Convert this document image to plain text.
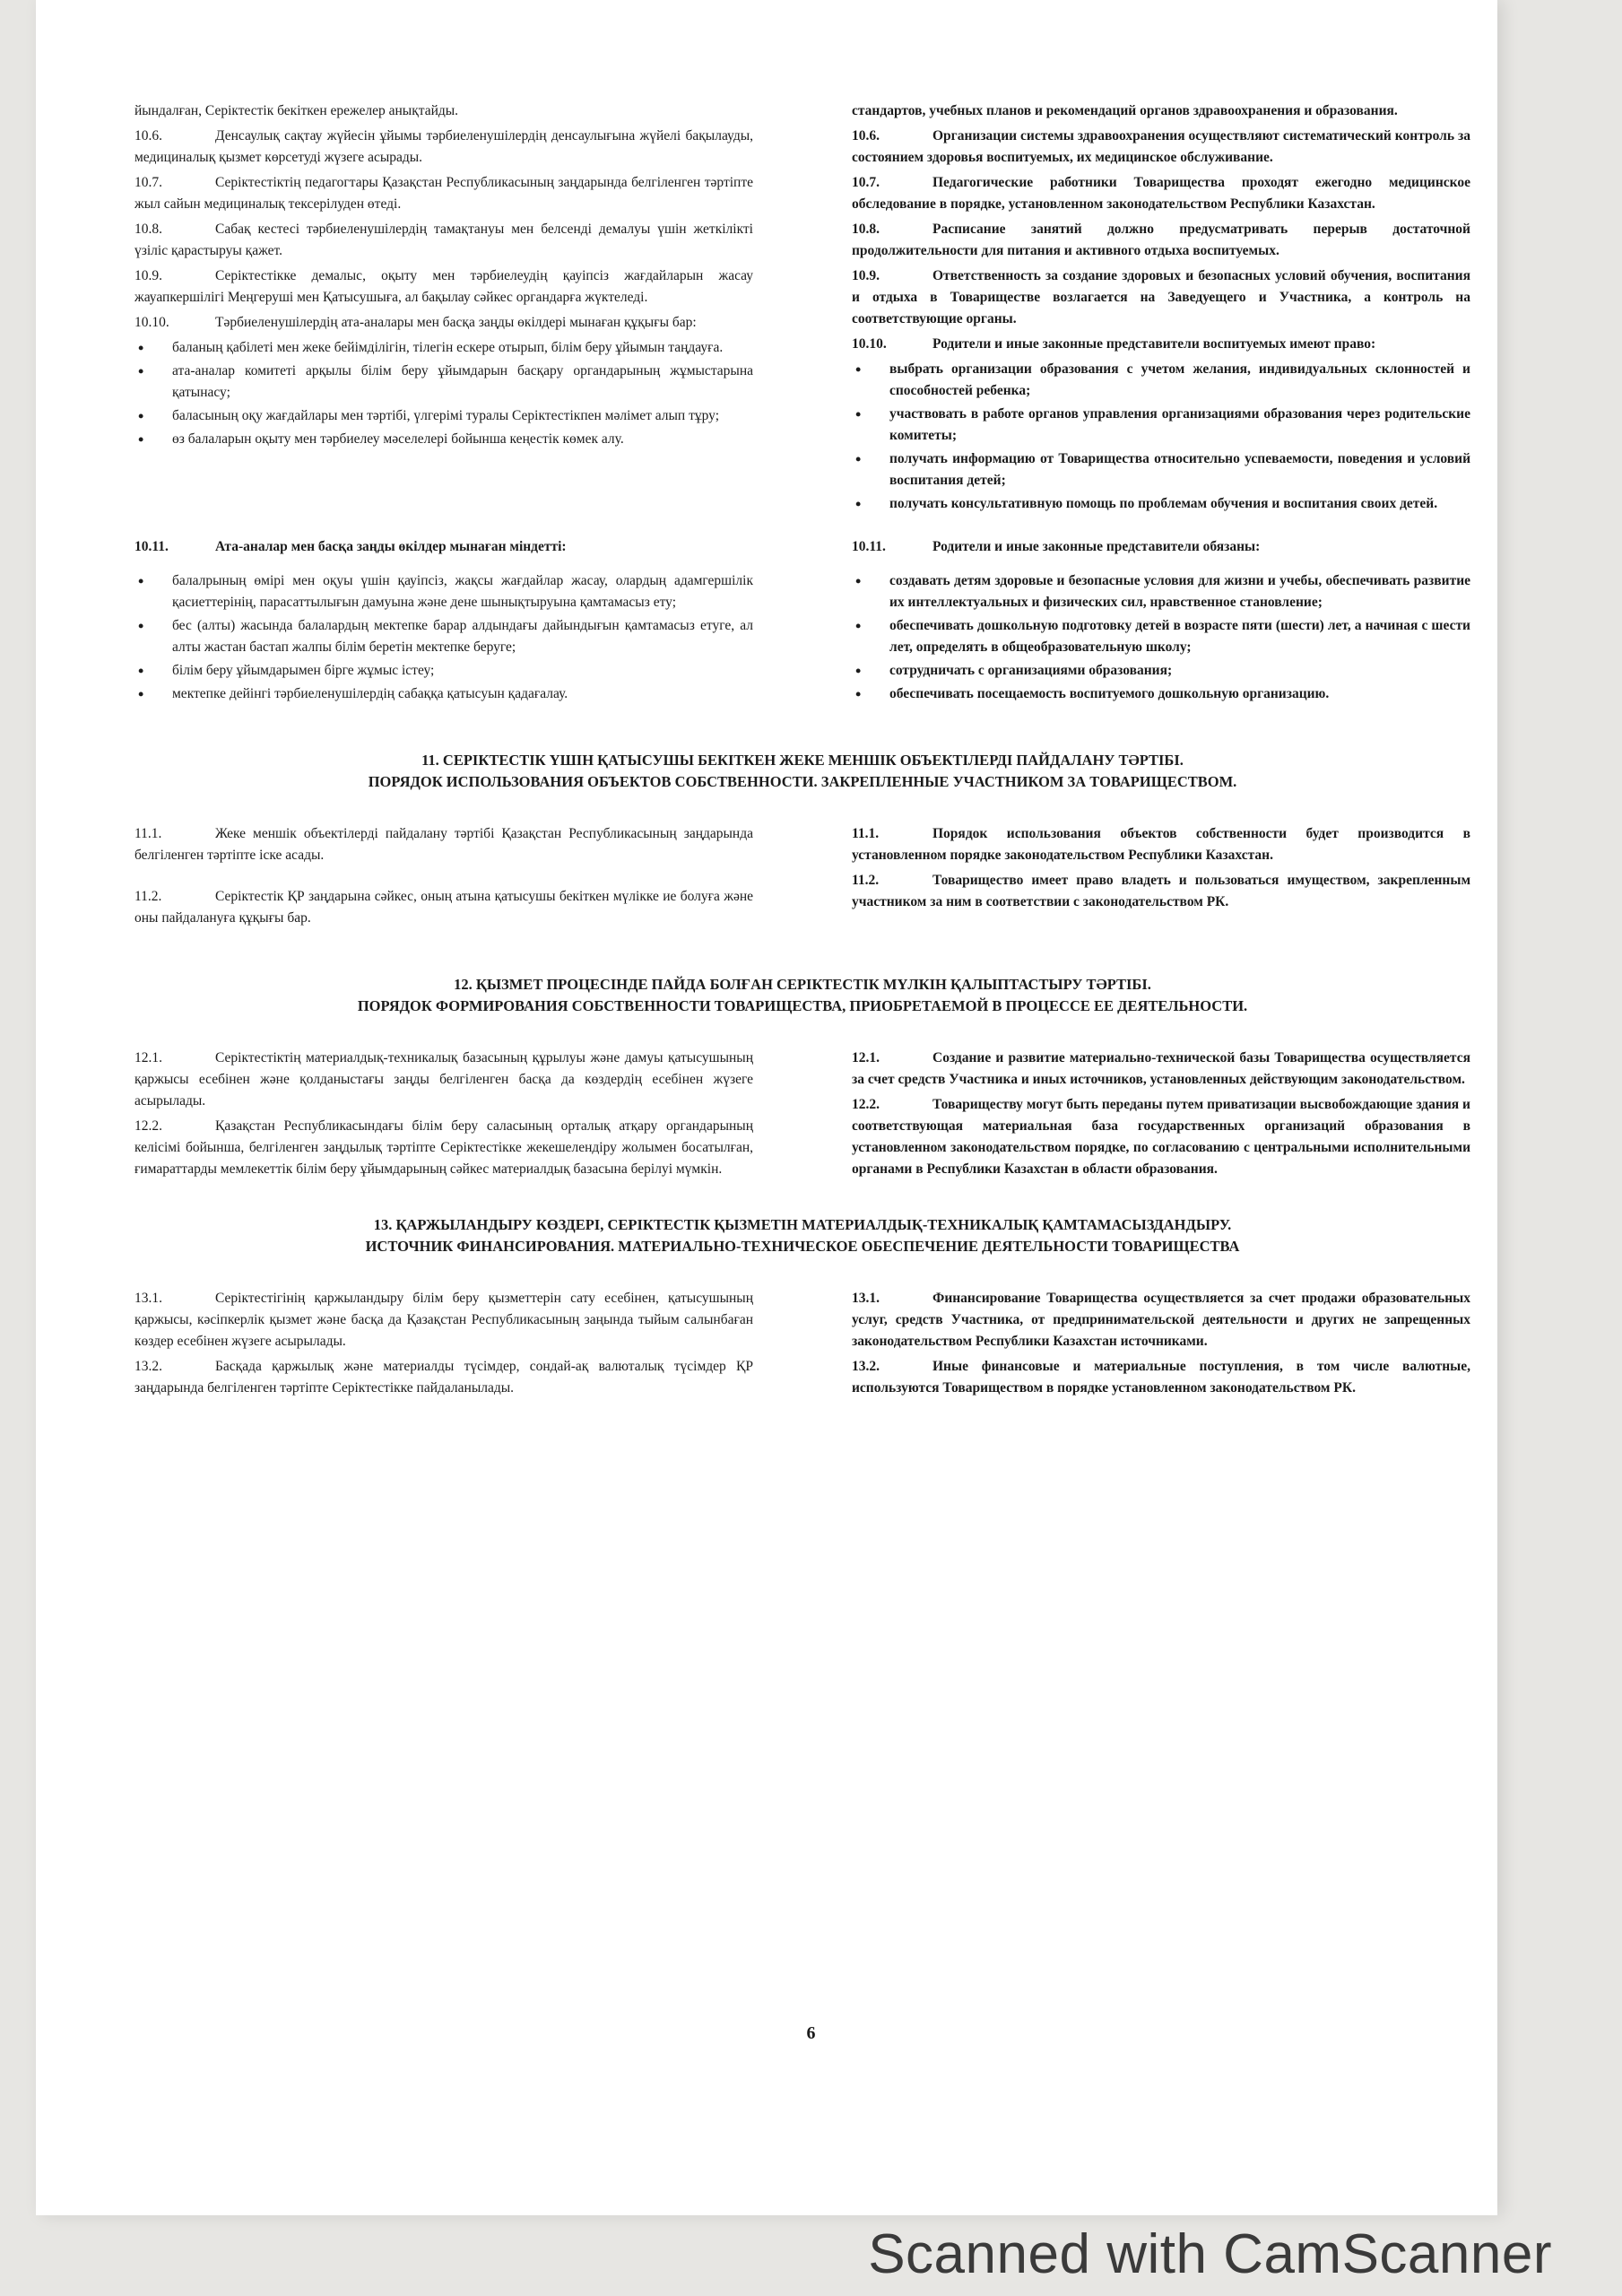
йындалған, Серіктестік бекіткен ережелер анықтайды.

10.6.	Денсаулық сақтау жүйесін ұйымы тәрбиеленушілердің денсаулығына жүйелі бақылауды, медициналық қызмет көрсетуді жүзеге асырады.

10.7.	Серіктестіктің педагогтары Қазақстан Республикасының заңдарында белгіленген тәртіпте жыл сайын медициналық тексерілуден өтеді.

10.8.	Сабақ кестесі тәрбиеленушілердің тамақтануы мен белсенді демалуы үшін жеткілікті үзіліс қарастыруы қажет.

10.9.	Серіктестікке демалыс, оқыту мен тәрбиелеудің қауіпсіз жағдайларын жасау жауапкершілігі Меңгеруші мен Қатысушыға, ал бақылау сәйкес органдарға жүктеледі.

10.10.	Тәрбиеленушілердің ата-аналары мен басқа заңды өкілдері мынаған құқығы бар:

• баланың қабілеті мен жеке бейімділігін, тілегін ескере отырып, білім беру ұйымын таңдауға.
• ата-аналар комитеті арқылы білім беру ұйымдарын басқару органдарының жұмыстарына қатынасу;
• баласының оқу жағдайлары мен тәртібі, үлгерімі туралы Серіктестікпен мәлімет алып тұру;
• өз балаларын оқыту мен тәрбиелеу мәселелері бойынша кеңестік көмек алу.

стандартов, учебных планов и рекомендаций органов здравоохранения и образования.

10.6.	Организации системы здравоохранения осуществляют систематический контроль за состоянием здоровья воспитуемых, их медицинское обслуживание.

10.7.	Педагогические работники Товарищества проходят ежегодно медицинское обследование в порядке, установленном законодательством Республики Казахстан.

10.8.	Расписание занятий должно предусматривать перерыв достаточной продолжительности для питания и активного отдыха воспитуемых.

10.9.	Ответственность за создание здоровых и безопасных условий обучения, воспитания и отдыха в Товариществе возлагается на Заведуещего и Участника, а контроль на соответствующие органы.

10.10.	Родители и иные законные представители воспитуемых имеют право:

• выбрать организации образования с учетом желания, индивидуальных склонностей и способностей ребенка;
• участвовать в работе органов управления организациями образования через родительские комитеты;
• получать информацию от Товарищества относительно успеваемости, поведения и условий воспитания детей;
• получать консультативную помощь по проблемам обучения и воспитания своих детей.

10.11.	Ата-аналар мен басқа заңды өкілдер мынаған міндетті:

• балалрының өмірі мен оқуы үшін қауіпсіз, жақсы жағдайлар жасау, олардың адамгершілік қасиеттерінің, парасаттылығын дамуына және дене шынықтыруына қамтамасыз ету;
• бес (алты) жасында балалардың мектепке барар алдындағы дайындығын қамтамасыз етуге, ал алты жастан бастап жалпы білім беретін мектепке беруге;
• білім беру ұйымдарымен бірге жұмыс істеу;
• мектепке дейінгі тәрбиеленушілердің сабаққа қатысуын қадағалау.

10.11.	Родители и иные законные представители обязаны:

• создавать детям здоровые и безопасные условия для жизни и учебы, обеспечивать развитие их интеллектуальных и физических сил, нравственное становление;
• обеспечивать дошкольную подготовку детей в возрасте пяти (шести) лет, а начиная с шести лет, определять в общеобразовательную школу;
• сотрудничать с организациями образования;
• обеспечивать посещаемость воспитуемого дошкольную организацию.

11. СЕРІКТЕСТІК ҮШІН ҚАТЫСУШЫ БЕКІТКЕН ЖЕКЕ МЕНШІК ОБЪЕКТІЛЕРДІ ПАЙДАЛАНУ ТӘРТІБІ.

ПОРЯДОК ИСПОЛЬЗОВАНИЯ ОБЪЕКТОВ СОБСТВЕННОСТИ. ЗАКРЕПЛЕННЫЕ УЧАСТНИКОМ ЗА ТОВАРИЩЕСТВОМ.

11.1.	Жеке меншік объектілерді пайдалану тәртібі Қазақстан Республикасының заңдарында белгіленген тәртіпте іске асады.

11.2.	Серіктестік ҚР заңдарына сәйкес, оның атына қатысушы бекіткен мүлікке ие болуға және оны пайдалануға құқығы бар.

11.1.	Порядок использования объектов собственности будет производится в установленном порядке законодательством Республики Казахстан.

11.2.	Товарищество имеет право владеть и пользоваться имуществом, закрепленным участником за ним в соответствии с законодательством РК.

12. ҚЫЗМЕТ ПРОЦЕСІНДЕ ПАЙДА БОЛҒАН СЕРІКТЕСТІК МҮЛКІН ҚАЛЫПТАСТЫРУ ТӘРТІБІ.

ПОРЯДОК ФОРМИРОВАНИЯ СОБСТВЕННОСТИ ТОВАРИЩЕСТВА, ПРИОБРЕТАЕМОЙ В ПРОЦЕССЕ ЕЕ ДЕЯТЕЛЬНОСТИ.

12.1.	Серіктестіктің материалдық-техникалық базасының құрылуы және дамуы қатысушының қаржысы есебінен және қолданыстағы заңды белгіленген басқа да көздердің есебінен жүзеге асырылады.

12.2.	Қазақстан Республикасындағы білім беру саласының орталық атқару органдарының келісімі бойынша, белгіленген заңдылық тәртіпте Серіктестікке жекешелендіру жолымен босатылған, ғимараттарды мемлекеттік білім беру ұйымдарының сәйкес материалдық базасына берілуі мүмкін.

12.1.	Создание и развитие материально-технической базы Товарищества осуществляется за счет средств Участника и иных источников, установленных действующим законодательством.

12.2.	Товариществу могут быть переданы путем приватизации высвобождающие здания и соответствующая материальная база государственных организаций образования в установленном законодательством порядке, по согласованию с центральными исполнительными органами в Республики Казахстан в области образования.

13. ҚАРЖЫЛАНДЫРУ КӨЗДЕРІ, СЕРІКТЕСТІК ҚЫЗМЕТІН МАТЕРИАЛДЫҚ-ТЕХНИКАЛЫҚ ҚАМТАМАСЫЗДАНДЫРУ.

ИСТОЧНИК ФИНАНСИРОВАНИЯ. МАТЕРИАЛЬНО-ТЕХНИЧЕСКОЕ ОБЕСПЕЧЕНИЕ ДЕЯТЕЛЬНОСТИ ТОВАРИЩЕСТВА

13.1.	Серіктестігінің қаржыландыру білім беру қызметтерін сату есебінен, қатысушының қаржысы, кәсіпкерлік қызмет және басқа да Қазақстан Республикасының заңында тыйым салынбаған көздер есебінен жүзеге асырылады.

13.2.	Басқада қаржылық және материалды түсімдер, сондай-ақ валюталық түсімдер ҚР заңдарында белгіленген тәртіпте Серіктестікке пайдаланылады.

13.1.	Финансирование Товарищества осуществляется за счет продажи образовательных услуг, средств Участника, от предпринимательской деятельности и других не запрещенных законодательством Республики Казахстан источниками.

13.2.	Иные финансовые и материальные поступления, в том числе валютные, используются Товариществом в порядке установленном законодательством РК.

6
Scanned with CamScanner
